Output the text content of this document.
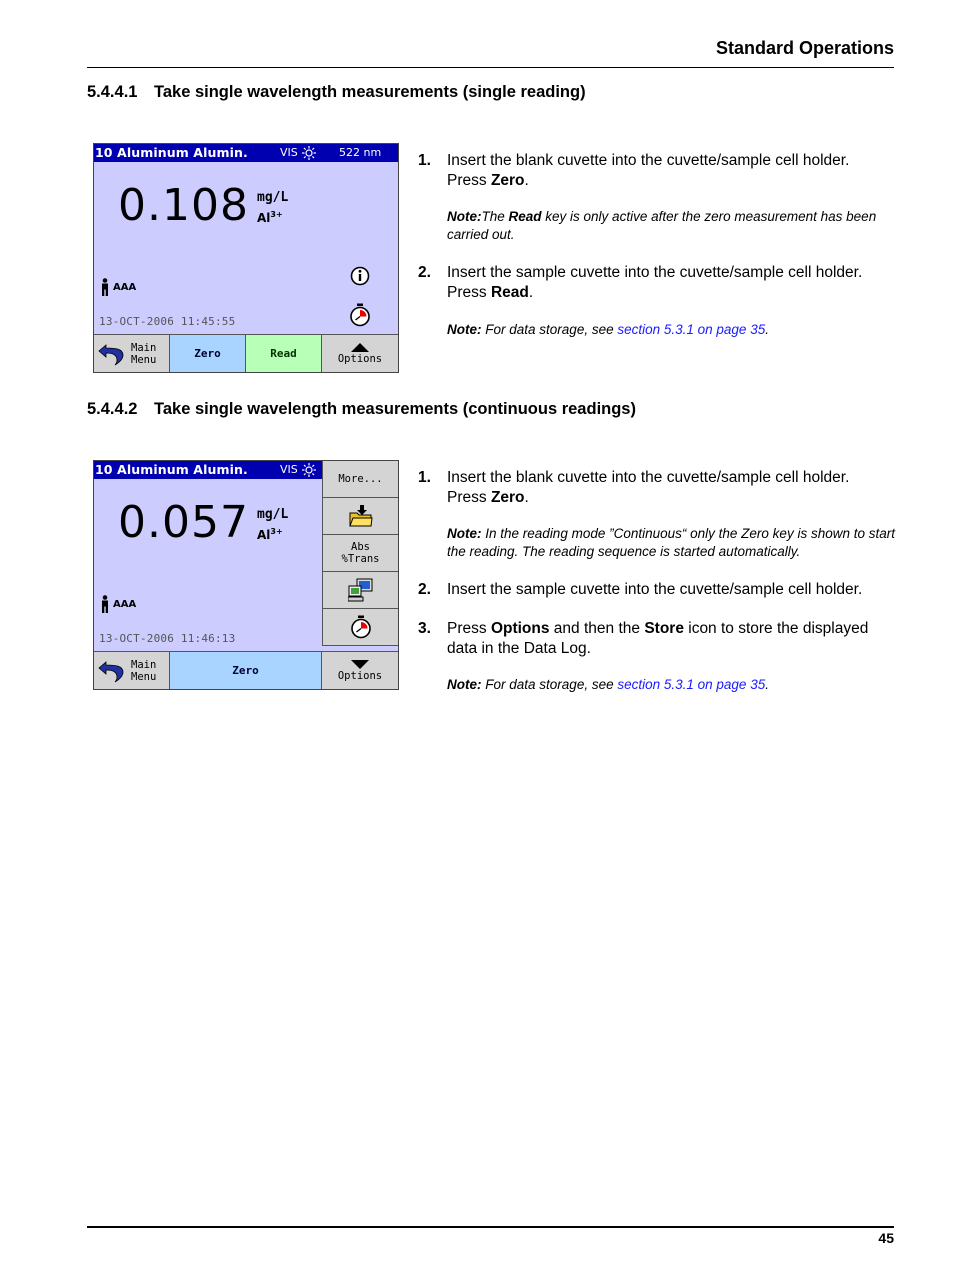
Standard Operations
5.4.4.1 Take single wavelength measurements (single reading)
10 Aluminum Alumin.	VIS	522 nm
0.108 mg/L
$Al^{3+}$
AAA
13-OCT-2006 11:45:55
Main
Menu	Zero	Read	Options
1. Insert the blank cuvette into the cuvette/sample cell holder.
Press Zero.
Note:The Read key is only active after the zero measurement has been carried out.
2. Insert the sample cuvette into the cuvette/sample cell holder.
Press Read.
Note: For data storage, see section 5.3.1 on page 35.
5.4.4.2 Take single wavelength measurements (continuous readings)
10 Aluminum Alumin.	VIS
0.057 mg/L
$Al^{3+}$
AAA
13-OCT-2006 11:46:13
More...
Abs
%Trans
Main
Menu	Zero	Options
1. Insert the blank cuvette into the cuvette/sample cell holder.
Press Zero.
Note: In the reading mode ”Continuous“ only the Zero key is shown to start the reading. The reading sequence is started automatically.
2. Insert the sample cuvette into the cuvette/sample cell holder.
3. Press Options and then the Store icon to store the displayed data in the Data Log.
Note: For data storage, see section 5.3.1 on page 35.
45
